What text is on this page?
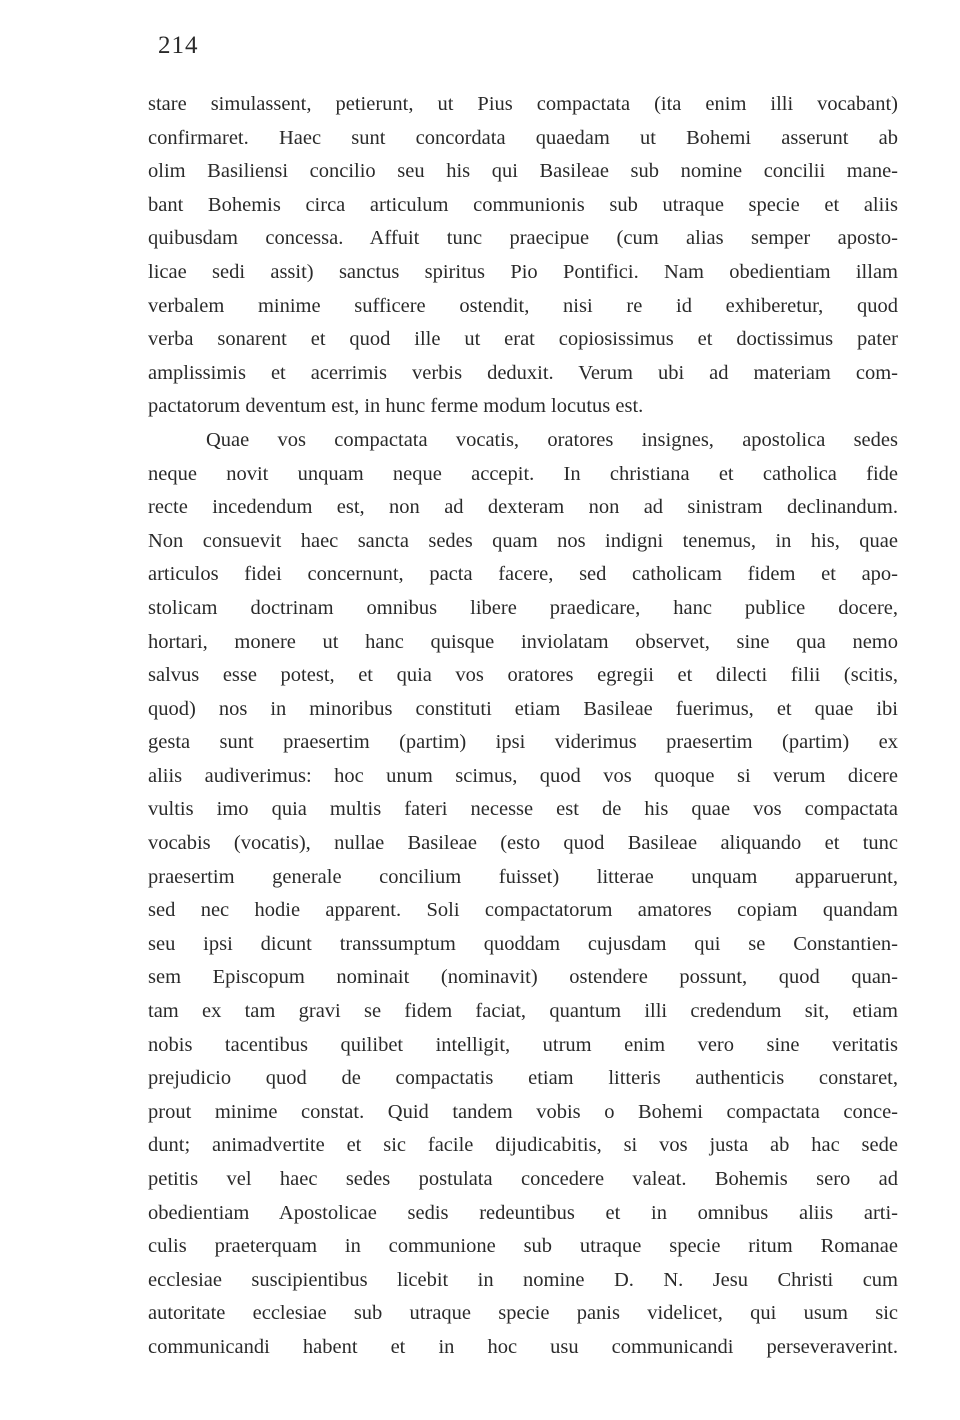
214
stare simulassent, petierunt, ut Pius compactata (ita enim illi vocabant)
confirmaret. Haec sunt concordata quaedam ut Bohemi asserunt ab
olim Basiliensi concilio seu his qui Basileae sub nomine concilii mane-
bant Bohemis circa articulum communionis sub utraque specie et aliis
quibusdam concessa. Affuit tunc praecipue (cum alias semper aposto-
licae sedi assit) sanctus spiritus Pio Pontifici. Nam obedientiam illam
verbalem minime sufficere ostendit, nisi re id exhiberetur, quod
verba sonarent et quod ille ut erat copiosissimus et doctissimus pater
amplissimis et acerrimis verbis deduxit. Verum ubi ad materiam com-
pactatorum deventum est, in hunc ferme modum locutus est.
Quae vos compactata vocatis, oratores insignes, apostolica sedes
neque novit unquam neque accepit. In christiana et catholica fide
recte incedendum est, non ad dexteram non ad sinistram declinandum.
Non consuevit haec sancta sedes quam nos indigni tenemus, in his, quae
articulos fidei concernunt, pacta facere, sed catholicam fidem et apo-
stolicam doctrinam omnibus libere praedicare, hanc publice docere,
hortari, monere ut hanc quisque inviolatam observet, sine qua nemo
salvus esse potest, et quia vos oratores egregii et dilecti filii (scitis,
quod) nos in minoribus constituti etiam Basileae fuerimus, et quae ibi
gesta sunt praesertim (partim) ipsi viderimus praesertim (partim) ex
aliis audiverimus: hoc unum scimus, quod vos quoque si verum dicere
vultis imo quia multis fateri necesse est de his quae vos compactata
vocabis (vocatis), nullae Basileae (esto quod Basileae aliquando et tunc
praesertim generale concilium fuisset) litterae unquam apparuerunt,
sed nec hodie apparent. Soli compactatorum amatores copiam quandam
seu ipsi dicunt transsumptum quoddam cujusdam qui se Constantien-
sem Episcopum nominait (nominavit) ostendere possunt, quod quan-
tam ex tam gravi se fidem faciat, quantum illi credendum sit, etiam
nobis tacentibus quilibet intelligit, utrum enim vero sine veritatis
prejudicio quod de compactatis etiam litteris authenticis constaret,
prout minime constat. Quid tandem vobis o Bohemi compactata conce-
dunt; animadvertite et sic facile dijudicabitis, si vos justa ab hac sede
petitis vel haec sedes postulata concedere valeat. Bohemis sero ad
obedientiam Apostolicae sedis redeuntibus et in omnibus aliis arti-
culis praeterquam in communione sub utraque specie ritum Romanae
ecclesiae suscipientibus licebit in nomine D. N. Jesu Christi cum
autoritate ecclesiae sub utraque specie panis videlicet, qui usum sic
communicandi habent et in hoc usu communicandi perseveraverint.
